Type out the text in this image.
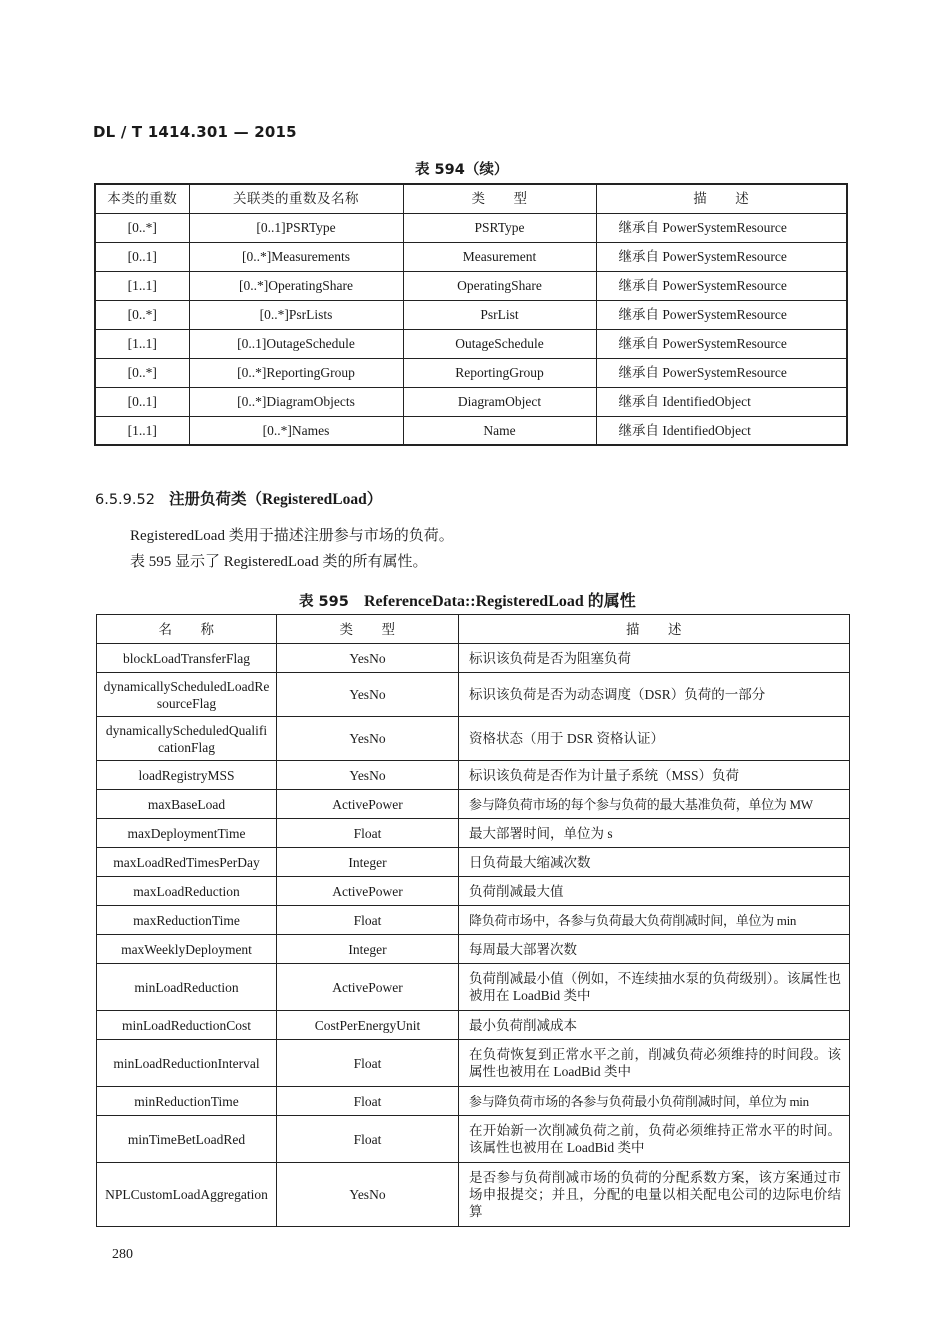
DL / T 1414.301 — 2015
表 594（续）
本类的重数	关联类的重数及名称	类　　型	描　　述
[0..*]	[0..1]PSRType	PSRType	继承自 PowerSystemResource
[0..1]	[0..*]Measurements	Measurement	继承自 PowerSystemResource
[1..1]	[0..*]OperatingShare	OperatingShare	继承自 PowerSystemResource
[0..*]	[0..*]PsrLists	PsrList	继承自 PowerSystemResource
[1..1]	[0..1]OutageSchedule	OutageSchedule	继承自 PowerSystemResource
[0..*]	[0..*]ReportingGroup	ReportingGroup	继承自 PowerSystemResource
[0..1]	[0..*]DiagramObjects	DiagramObject	继承自 IdentifiedObject
[1..1]	[0..*]Names	Name	继承自 IdentifiedObject
6.5.9.52 注册负荷类（RegisteredLoad）
RegisteredLoad 类用于描述注册参与市场的负荷。
表 595 显示了 RegisteredLoad 类的所有属性。
表 595 ReferenceData::RegisteredLoad 的属性
名　　称	类　　型	描　　述
blockLoadTransferFlag	YesNo	标识该负荷是否为阻塞负荷
dynamicallyScheduledLoadResourceFlag	YesNo	标识该负荷是否为动态调度（DSR）负荷的一部分
dynamicallyScheduledQualificationFlag	YesNo	资格状态（用于 DSR 资格认证）
loadRegistryMSS	YesNo	标识该负荷是否作为计量子系统（MSS）负荷
maxBaseLoad	ActivePower	参与降负荷市场的每个参与负荷的最大基准负荷，单位为 MW
maxDeploymentTime	Float	最大部署时间，单位为 s
maxLoadRedTimesPerDay	Integer	日负荷最大缩减次数
maxLoadReduction	ActivePower	负荷削减最大值
maxReductionTime	Float	降负荷市场中，各参与负荷最大负荷削减时间，单位为 min
maxWeeklyDeployment	Integer	每周最大部署次数
minLoadReduction	ActivePower	负荷削减最小值（例如，不连续抽水泵的负荷级别）。该属性也被用在 LoadBid 类中
minLoadReductionCost	CostPerEnergyUnit	最小负荷削减成本
minLoadReductionInterval	Float	在负荷恢复到正常水平之前，削减负荷必须维持的时间段。该属性也被用在 LoadBid 类中
minReductionTime	Float	参与降负荷市场的各参与负荷最小负荷削减时间，单位为 min
minTimeBetLoadRed	Float	在开始新一次削减负荷之前，负荷必须维持正常水平的时间。该属性也被用在 LoadBid 类中
NPLCustomLoadAggregation	YesNo	是否参与负荷削减市场的负荷的分配系数方案，该方案通过市场申报提交；并且，分配的电量以相关配电公司的边际电价结算
280
